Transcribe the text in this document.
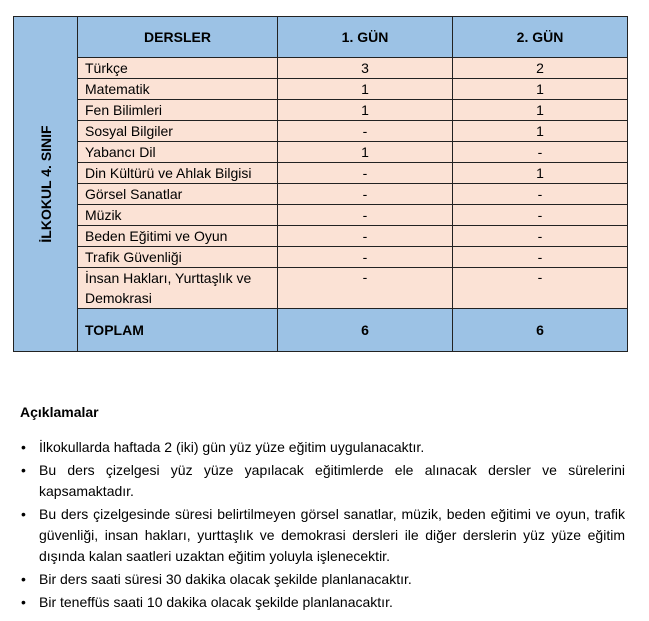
İLKOKUL 4. SINIF	DERSLER	1. GÜN	2. GÜN
	Türkçe	3	2
	Matematik	1	1
	Fen Bilimleri	1	1
	Sosyal Bilgiler	-	1
	Yabancı Dil	1	-
	Din Kültürü ve Ahlak Bilgisi	-	1
	Görsel Sanatlar	-	-
	Müzik	-	-
	Beden Eğitimi ve Oyun	-	-
	Trafik Güvenliği	-	-
	İnsan Hakları, Yurttaşlık ve Demokrasi	-	-
	TOPLAM	6	6
Açıklamalar
• İlkokullarda haftada 2 (iki) gün yüz yüze eğitim uygulanacaktır.
• Bu ders çizelgesi yüz yüze yapılacak eğitimlerde ele alınacak dersler ve sürelerini kapsamaktadır.
• Bu ders çizelgesinde süresi belirtilmeyen görsel sanatlar, müzik, beden eğitimi ve oyun, trafik güvenliği, insan hakları, yurttaşlık ve demokrasi dersleri ile diğer derslerin yüz yüze eğitim dışında kalan saatleri uzaktan eğitim yoluyla işlenecektir.
• Bir ders saati süresi 30 dakika olacak şekilde planlanacaktır.
• Bir teneffüs saati 10 dakika olacak şekilde planlanacaktır.
